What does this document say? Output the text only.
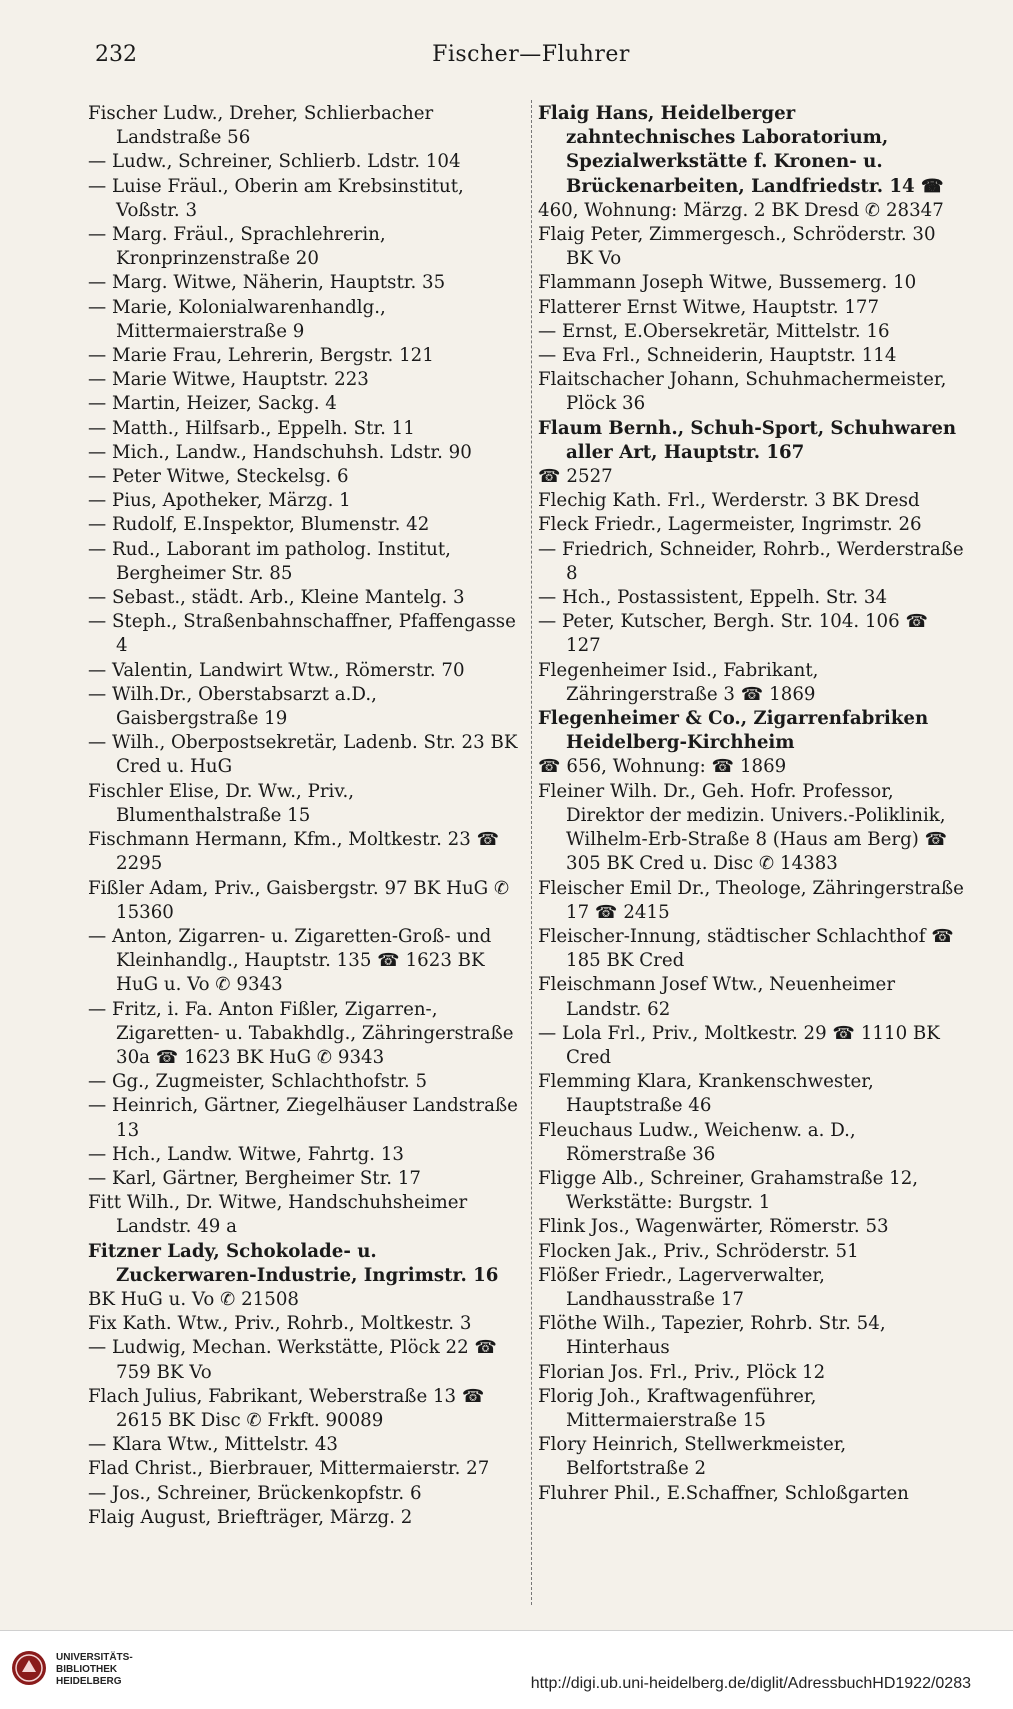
232	Fischer—Fluhrer

Fischer Ludw., Dreher, Schlierbacher Landstraße 56

— Ludw., Schreiner, Schlierb. Ldstr. 104

— Luise Fräul., Oberin am Krebsinstitut, Voßstr. 3

— Marg. Fräul., Sprachlehrerin, Kronprinzenstraße 20

— Marg. Witwe, Näherin, Hauptstr. 35

— Marie, Kolonialwarenhandlg., Mittermaierstraße 9

— Marie Frau, Lehrerin, Bergstr. 121

— Marie Witwe, Hauptstr. 223

— Martin, Heizer, Sackg. 4

— Matth., Hilfsarb., Eppelh. Str. 11

— Mich., Landw., Handschuhsh. Ldstr. 90

— Peter Witwe, Steckelsg. 6

— Pius, Apotheker, Märzg. 1

— Rudolf, E.Inspektor, Blumenstr. 42

— Rud., Laborant im patholog. Institut, Bergheimer Str. 85

— Sebast., städt. Arb., Kleine Mantelg. 3

— Steph., Straßenbahnschaffner, Pfaffengasse 4

— Valentin, Landwirt Wtw., Römerstr. 70

— Wilh.Dr., Oberstabsarzt a.D., Gaisbergstraße 19

— Wilh., Oberpostsekretär, Ladenb. Str. 23 BK Cred u. HuG

Fischler Elise, Dr. Ww., Priv., Blumenthalstraße 15

Fischmann Hermann, Kfm., Moltkestr. 23 ☎ 2295

Fißler Adam, Priv., Gaisbergstr. 97 BK HuG ✆ 15360

— Anton, Zigarren- u. Zigaretten-Groß- und Kleinhandlg., Hauptstr. 135 ☎ 1623 BK HuG u. Vo ✆ 9343

— Fritz, i. Fa. Anton Fißler, Zigarren-, Zigaretten- u. Tabakhdlg., Zähringerstraße 30a ☎ 1623 BK HuG ✆ 9343

— Gg., Zugmeister, Schlachthofstr. 5

— Heinrich, Gärtner, Ziegelhäuser Landstraße 13

— Hch., Landw. Witwe, Fahrtg. 13

— Karl, Gärtner, Bergheimer Str. 17

Fitt Wilh., Dr. Witwe, Handschuhsheimer Landstr. 49 a

Fitzner Lady, Schokolade- u. Zuckerwaren-Industrie, Ingrimstr. 16

BK HuG u. Vo ✆ 21508

Fix Kath. Wtw., Priv., Rohrb., Moltkestr. 3

— Ludwig, Mechan. Werkstätte, Plöck 22 ☎ 759 BK Vo

Flach Julius, Fabrikant, Weberstraße 13 ☎ 2615 BK Disc ✆ Frkft. 90089

— Klara Wtw., Mittelstr. 43

Flad Christ., Bierbrauer, Mittermaierstr. 27

— Jos., Schreiner, Brückenkopfstr. 6

Flaig August, Briefträger, Märzg. 2

Flaig Hans, Heidelberger zahntechnisches Laboratorium, Spezialwerkstätte f. Kronen- u. Brückenarbeiten, Landfriedstr. 14 ☎

460, Wohnung: Märzg. 2 BK Dresd ✆ 28347

Flaig Peter, Zimmergesch., Schröderstr. 30 BK Vo

Flammann Joseph Witwe, Bussemerg. 10

Flatterer Ernst Witwe, Hauptstr. 177

— Ernst, E.Obersekretär, Mittelstr. 16

— Eva Frl., Schneiderin, Hauptstr. 114

Flaitschacher Johann, Schuhmachermeister, Plöck 36

Flaum Bernh., Schuh-Sport, Schuhwaren aller Art, Hauptstr. 167

☎ 2527

Flechig Kath. Frl., Werderstr. 3 BK Dresd

Fleck Friedr., Lagermeister, Ingrimstr. 26

— Friedrich, Schneider, Rohrb., Werderstraße 8

— Hch., Postassistent, Eppelh. Str. 34

— Peter, Kutscher, Bergh. Str. 104. 106 ☎ 127

Flegenheimer Isid., Fabrikant, Zähringerstraße 3 ☎ 1869

Flegenheimer & Co., Zigarrenfabriken Heidelberg-Kirchheim

☎ 656, Wohnung: ☎ 1869

Fleiner Wilh. Dr., Geh. Hofr. Professor, Direktor der medizin. Univers.-Poliklinik, Wilhelm-Erb-Straße 8 (Haus am Berg) ☎ 305 BK Cred u. Disc ✆ 14383

Fleischer Emil Dr., Theologe, Zähringerstraße 17 ☎ 2415

Fleischer-Innung, städtischer Schlachthof ☎ 185 BK Cred

Fleischmann Josef Wtw., Neuenheimer Landstr. 62

— Lola Frl., Priv., Moltkestr. 29 ☎ 1110 BK Cred

Flemming Klara, Krankenschwester, Hauptstraße 46

Fleuchaus Ludw., Weichenw. a. D., Römerstraße 36

Fligge Alb., Schreiner, Grahamstraße 12, Werkstätte: Burgstr. 1

Flink Jos., Wagenwärter, Römerstr. 53

Flocken Jak., Priv., Schröderstr. 51

Flößer Friedr., Lagerverwalter, Landhausstraße 17

Flöthe Wilh., Tapezier, Rohrb. Str. 54, Hinterhaus

Florian Jos. Frl., Priv., Plöck 12

Florig Joh., Kraftwagenführer, Mittermaierstraße 15

Flory Heinrich, Stellwerkmeister, Belfortstraße 2

Fluhrer Phil., E.Schaffner, Schloßgarten

UNIVERSITÄTS-
BIBLIOTHEK
HEIDELBERG	http://digi.ub.uni-heidelberg.de/diglit/AdressbuchHD1922/0283
